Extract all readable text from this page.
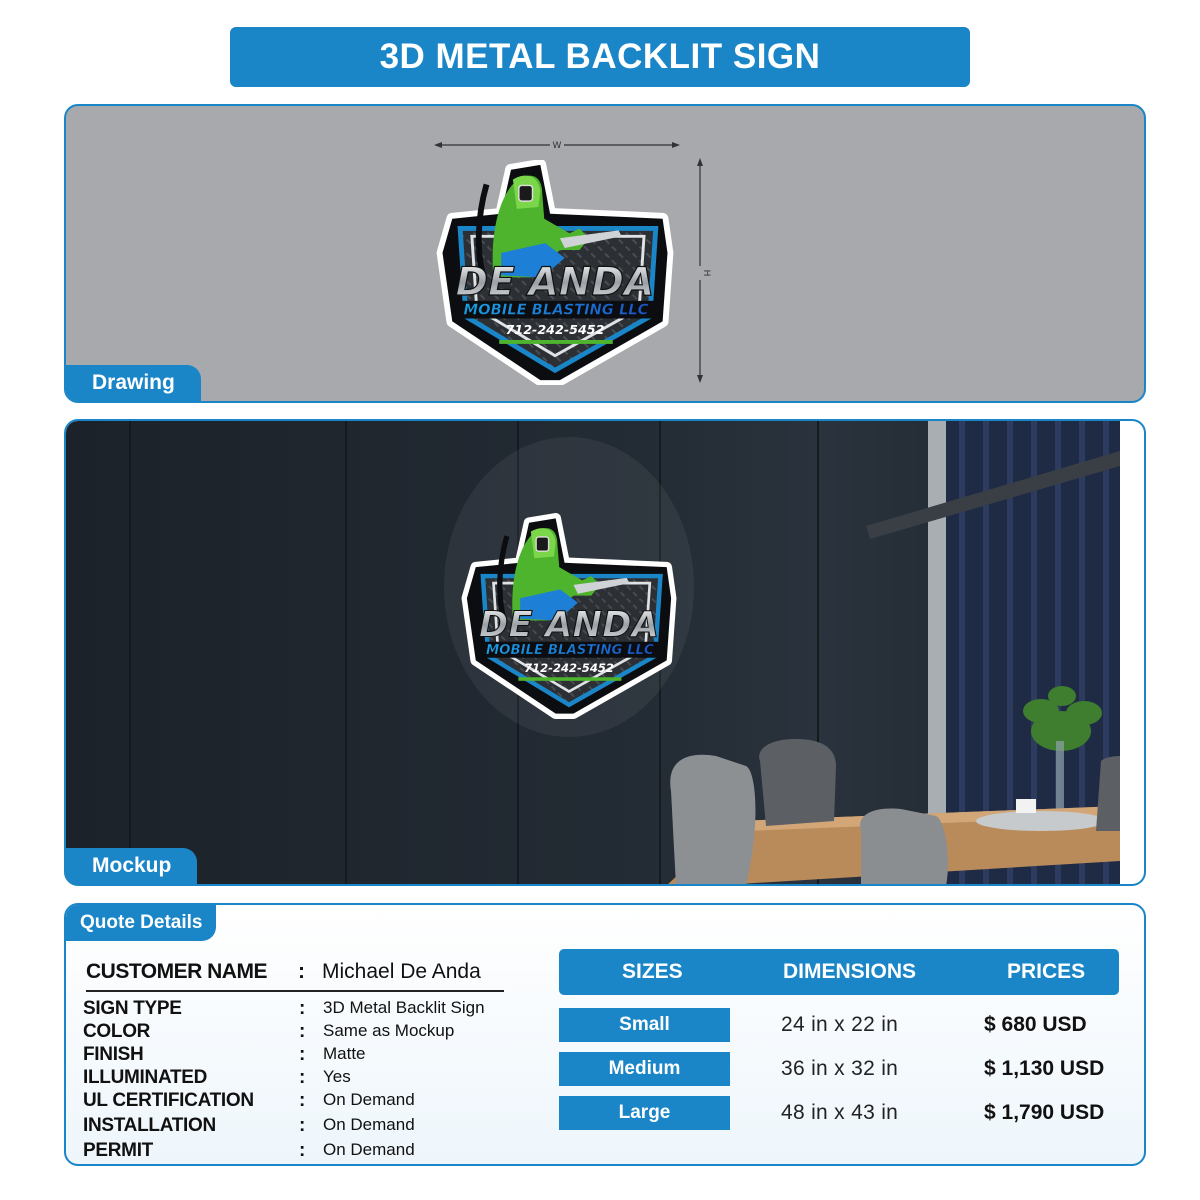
3D METAL BACKLIT SIGN
W
H
Drawing
Mockup
Quote Details
CUSTOMER NAME : Michael De Anda
SIGN TYPE	: 3D Metal Backlit Sign
COLOR	: Same as Mockup
FINISH	: Matte
ILLUMINATED	: Yes
UL CERTIFICATION : On Demand
INSTALLATION	: On Demand
PERMIT	: On Demand
SIZES	DIMENSIONS	PRICES
Small	24 in x 22 in	$ 680 USD
Medium	36 in x 32 in	$ 1,130 USD
Large	48 in x 43 in	$ 1,790 USD
